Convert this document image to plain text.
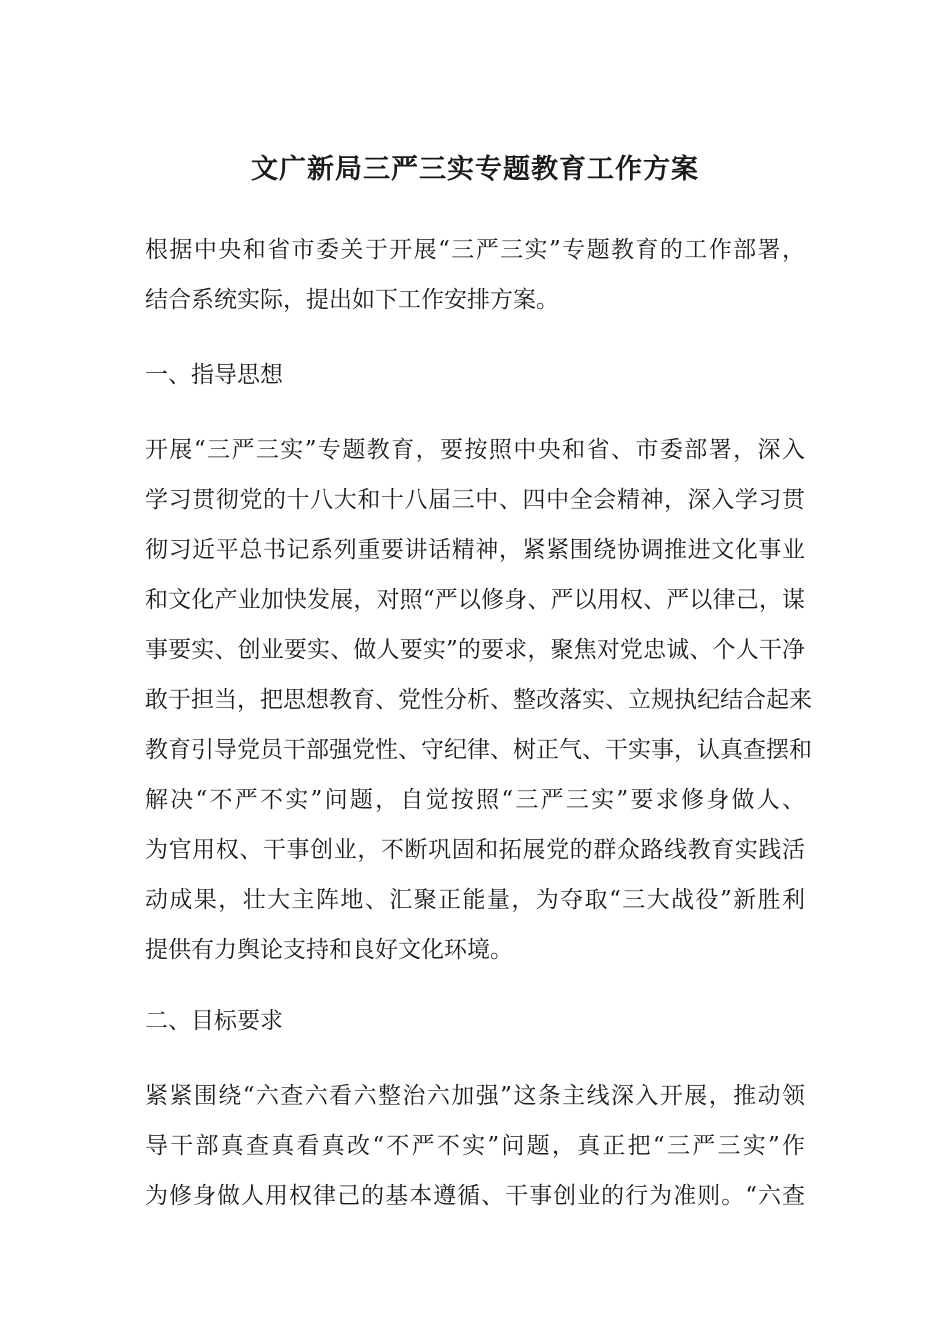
文广新局三严三实专题教育工作方案
根据中央和省市委关于开展“三严三实”专题教育的工作部署，
结合系统实际，提出如下工作安排方案。
一、指导思想
开展“三严三实”专题教育，要按照中央和省、市委部署，深入
学习贯彻党的十八大和十八届三中、四中全会精神，深入学习贯
彻习近平总书记系列重要讲话精神，紧紧围绕协调推进文化事业
和文化产业加快发展，对照“严以修身、严以用权、严以律己，谋
事要实、创业要实、做人要实”的要求，聚焦对党忠诚、个人干净
敢于担当，把思想教育、党性分析、整改落实、立规执纪结合起来
教育引导党员干部强党性、守纪律、树正气、干实事，认真查摆和
解决“不严不实”问题，自觉按照“三严三实”要求修身做人、
为官用权、干事创业，不断巩固和拓展党的群众路线教育实践活
动成果，壮大主阵地、汇聚正能量，为夺取“三大战役”新胜利
提供有力舆论支持和良好文化环境。
二、目标要求
紧紧围绕“六查六看六整治六加强”这条主线深入开展，推动领
导干部真查真看真改“不严不实”问题，真正把“三严三实”作
为修身做人用权律己的基本遵循、干事创业的行为准则。“六查
